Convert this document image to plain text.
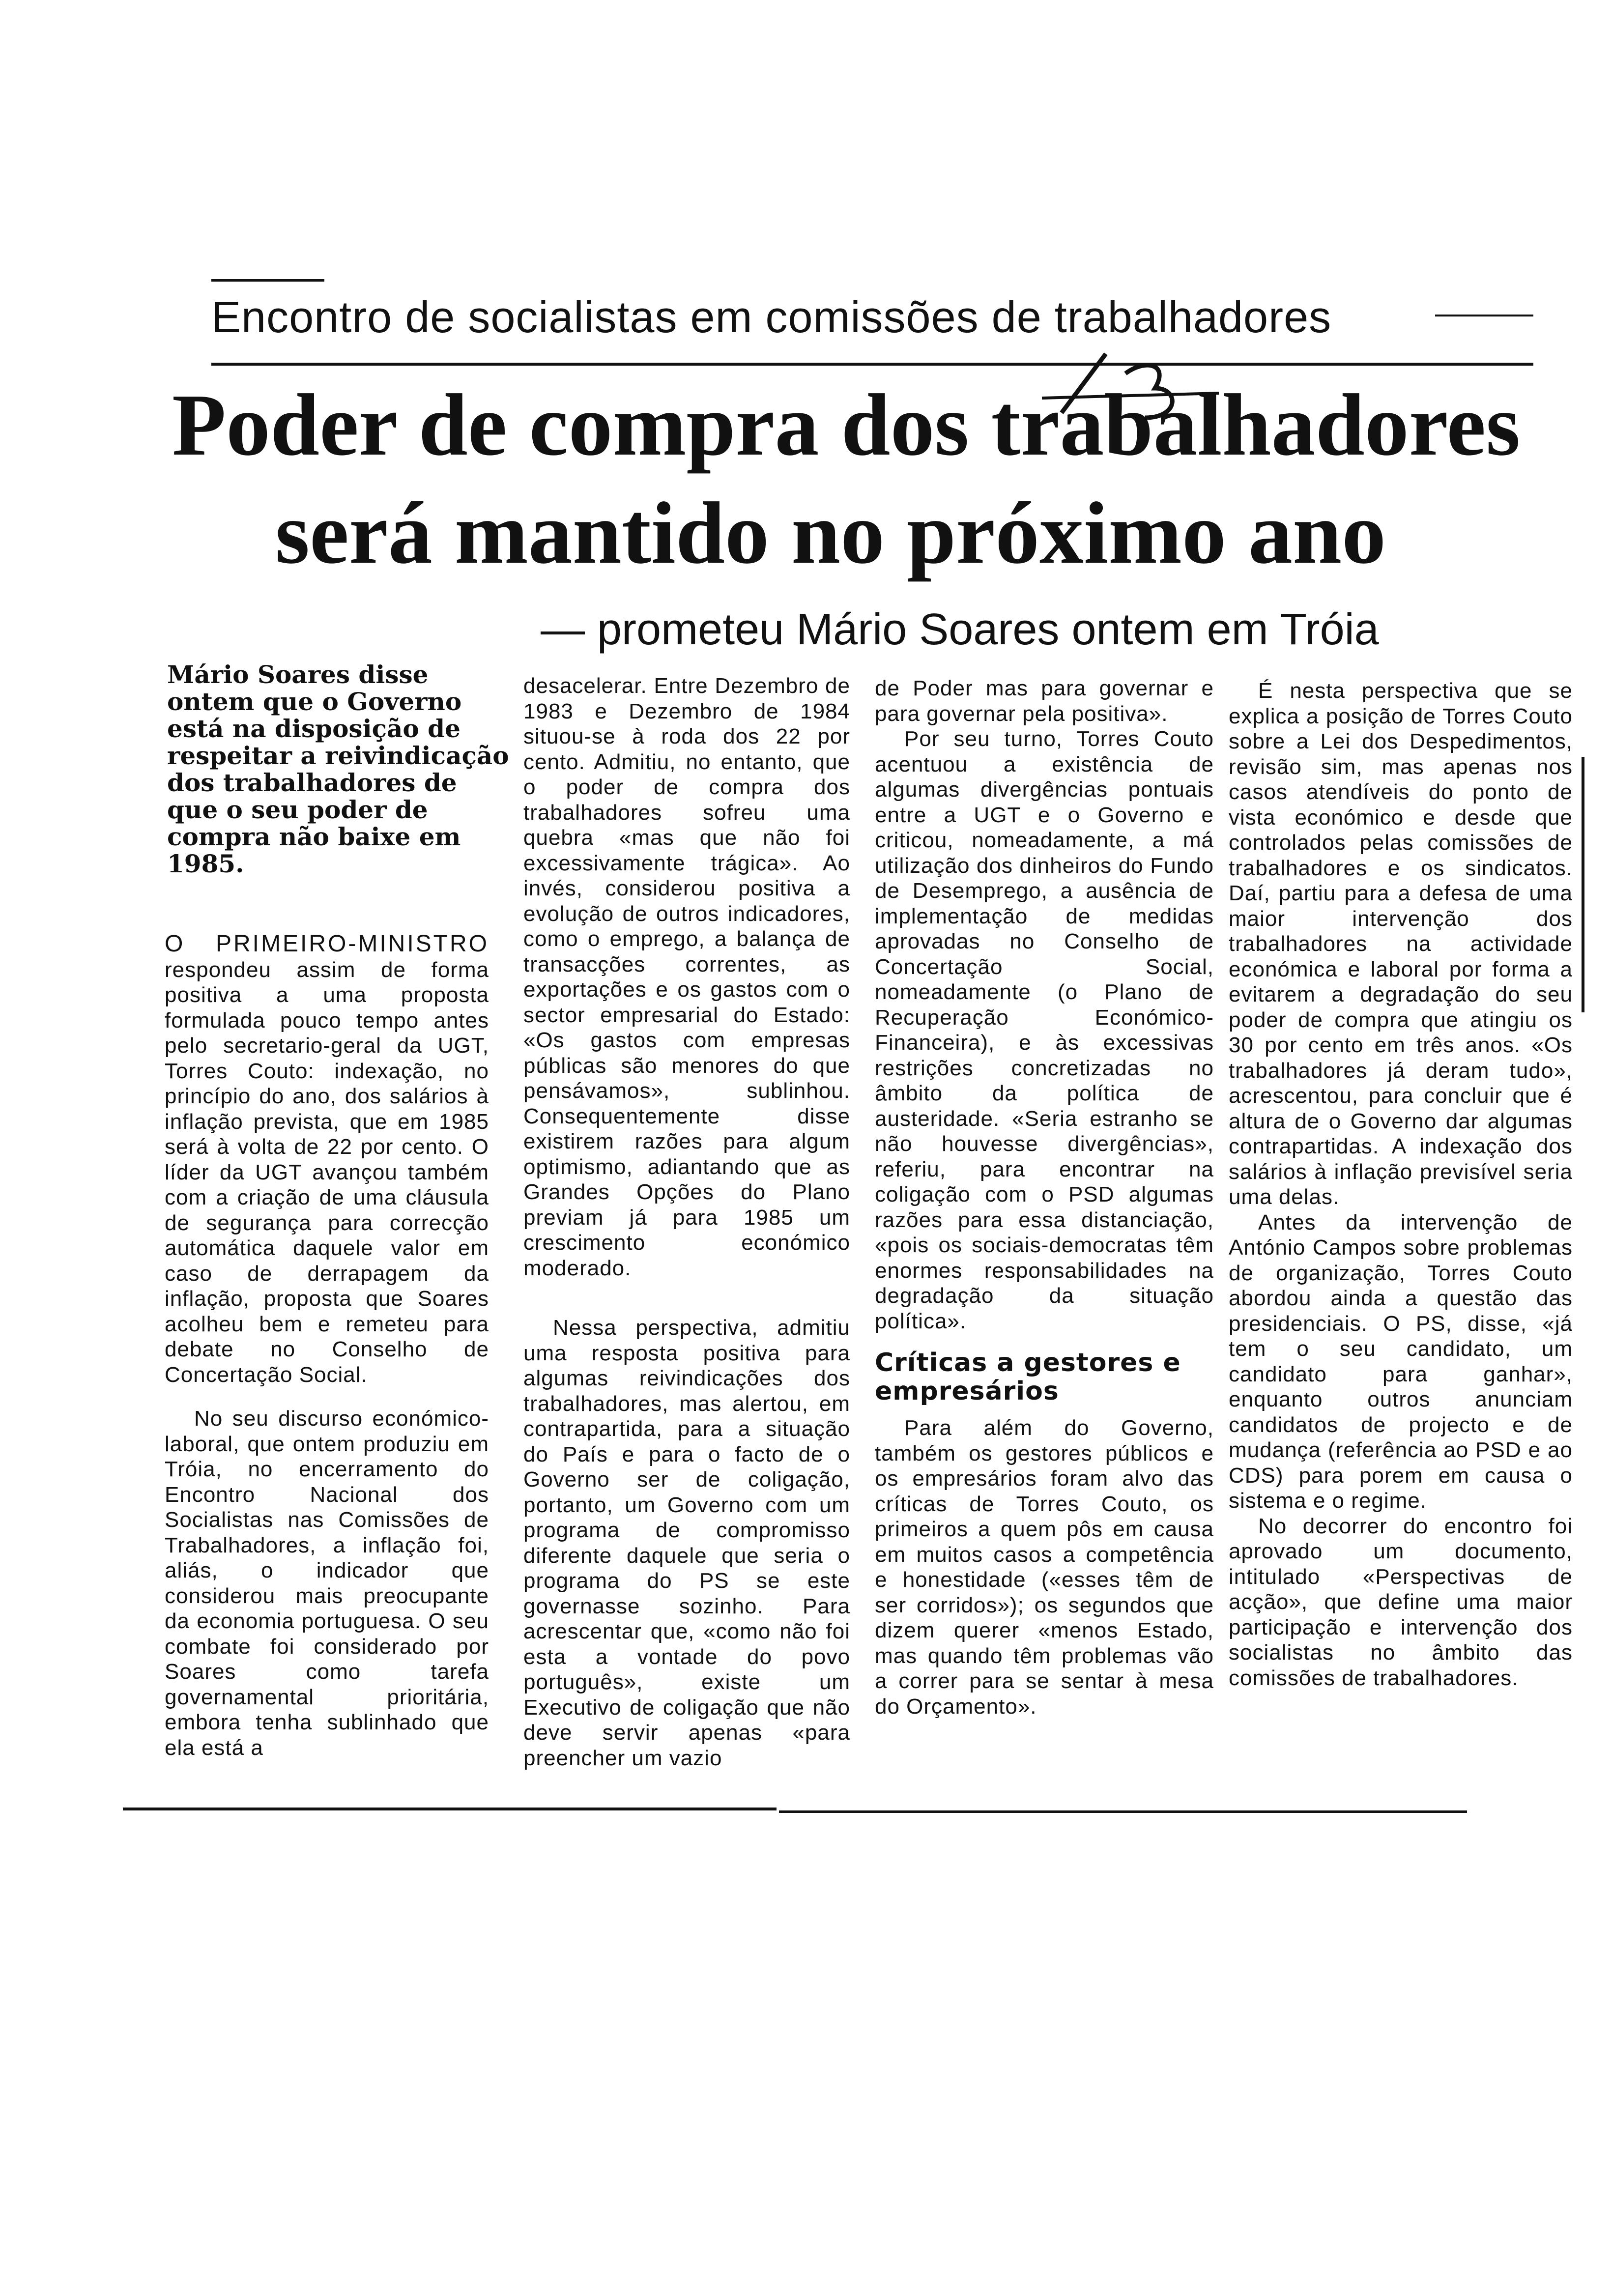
Encontro de socialistas em comissões de trabalhadores
Poder de compra dos trabalhadores
será mantido no próximo ano
— prometeu Mário Soares ontem em Tróia
Mário Soares disse ontem que o Governo está na disposição de respeitar a reivindicação dos trabalhadores de que o seu poder de compra não baixe em 1985.

O PRIMEIRO-MINISTRO respondeu assim de forma positiva a uma proposta formulada pouco tempo antes pelo secretario-geral da UGT, Torres Couto: indexação, no princípio do ano, dos salários à inflação prevista, que em 1985 será à volta de 22 por cento. O líder da UGT avançou também com a criação de uma cláusula de segurança para correcção automática daquele valor em caso de derrapagem da inflação, proposta que Soares acolheu bem e remeteu para debate no Conselho de Concertação Social.

No seu discurso económico-laboral, que ontem produziu em Tróia, no encerramento do Encontro Nacional dos Socialistas nas Comissões de Trabalhadores, a inflação foi, aliás, o indicador que considerou mais preocupante da economia portuguesa. O seu combate foi considerado por Soares como tarefa governamental prioritária, embora tenha sublinhado que ela está a

desacelerar. Entre Dezembro de 1983 e Dezembro de 1984 situou-se à roda dos 22 por cento. Admitiu, no entanto, que o poder de compra dos trabalhadores sofreu uma quebra «mas que não foi excessivamente trágica». Ao invés, considerou positiva a evolução de outros indicadores, como o emprego, a balança de transacções correntes, as exportações e os gastos com o sector empresarial do Estado: «Os gastos com empresas públicas são menores do que pensávamos», sublinhou. Consequentemente disse existirem razões para algum optimismo, adiantando que as Grandes Opções do Plano previam já para 1985 um crescimento económico moderado.

Nessa perspectiva, admitiu uma resposta positiva para algumas reivindicações dos trabalhadores, mas alertou, em contrapartida, para a situação do País e para o facto de o Governo ser de coligação, portanto, um Governo com um programa de compromisso diferente daquele que seria o programa do PS se este governasse sozinho. Para acrescentar que, «como não foi esta a vontade do povo português», existe um Executivo de coligação que não deve servir apenas «para preencher um vazio

de Poder mas para governar e para governar pela positiva».

Por seu turno, Torres Couto acentuou a existência de algumas divergências pontuais entre a UGT e o Governo e criticou, nomeadamente, a má utilização dos dinheiros do Fundo de Desemprego, a ausência de implementação de medidas aprovadas no Conselho de Concertação Social, nomeadamente (o Plano de Recuperação Económico-Financeira), e às excessivas restrições concretizadas no âmbito da política de austeridade. «Seria estranho se não houvesse divergências», referiu, para encontrar na coligação com o PSD algumas razões para essa distanciação, «pois os sociais-democratas têm enormes responsabilidades na degradação da situação política».

Críticas a gestores e empresários

Para além do Governo, também os gestores públicos e os empresários foram alvo das críticas de Torres Couto, os primeiros a quem pôs em causa em muitos casos a competência e honestidade («esses têm de ser corridos»); os segundos que dizem querer «menos Estado, mas quando têm problemas vão a correr para se sentar à mesa do Orçamento».

É nesta perspectiva que se explica a posição de Torres Couto sobre a Lei dos Despedimentos, revisão sim, mas apenas nos casos atendíveis do ponto de vista económico e desde que controlados pelas comissões de trabalhadores e os sindicatos. Daí, partiu para a defesa de uma maior intervenção dos trabalhadores na actividade económica e laboral por forma a evitarem a degradação do seu poder de compra que atingiu os 30 por cento em três anos. «Os trabalhadores já deram tudo», acrescentou, para concluir que é altura de o Governo dar algumas contrapartidas. A indexação dos salários à inflação previsível seria uma delas.

Antes da intervenção de António Campos sobre problemas de organização, Torres Couto abordou ainda a questão das presidenciais. O PS, disse, «já tem o seu candidato, um candidato para ganhar», enquanto outros anunciam candidatos de projecto e de mudança (referência ao PSD e ao CDS) para porem em causa o sistema e o regime.

No decorrer do encontro foi aprovado um documento, intitulado «Perspectivas de acção», que define uma maior participação e intervenção dos socialistas no âmbito das comissões de trabalhadores.
